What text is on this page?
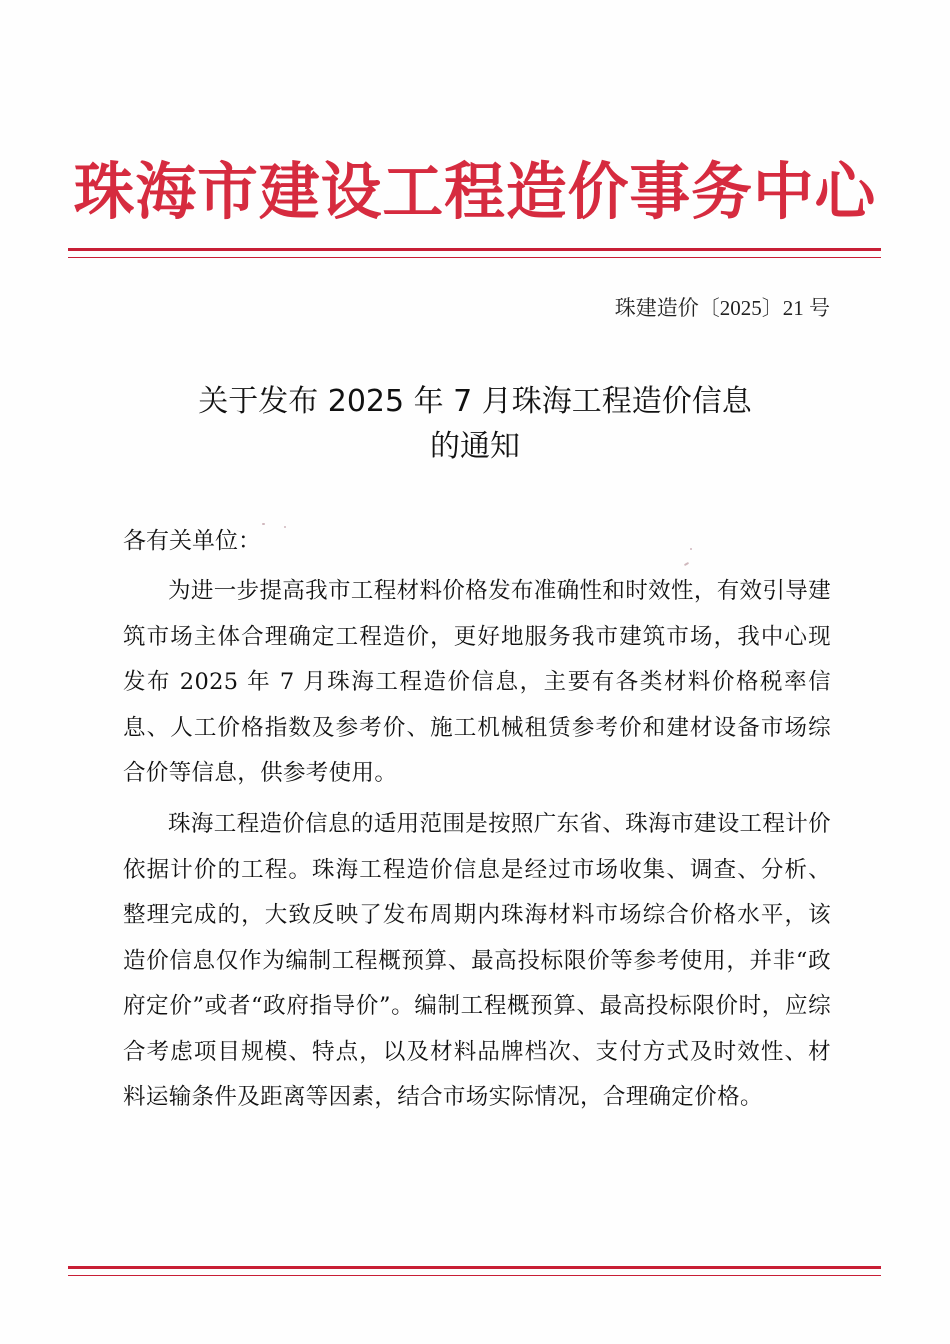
珠海市建设工程造价事务中心
珠建造价〔2025〕21 号
关于发布 2025 年 7 月珠海工程造价信息
的通知
各有关单位：
为进一步提高我市工程材料价格发布准确性和时效性，有效引导建筑市场主体合理确定工程造价，更好地服务我市建筑市场，我中心现发布 2025 年 7 月珠海工程造价信息，主要有各类材料价格税率信息、人工价格指数及参考价、施工机械租赁参考价和建材设备市场综合价等信息，供参考使用。
珠海工程造价信息的适用范围是按照广东省、珠海市建设工程计价依据计价的工程。珠海工程造价信息是经过市场收集、调查、分析、整理完成的，大致反映了发布周期内珠海材料市场综合价格水平，该造价信息仅作为编制工程概预算、最高投标限价等参考使用，并非“政府定价”或者“政府指导价”。编制工程概预算、最高投标限价时，应综合考虑项目规模、特点，以及材料品牌档次、支付方式及时效性、材料运输条件及距离等因素，结合市场实际情况，合理确定价格。
